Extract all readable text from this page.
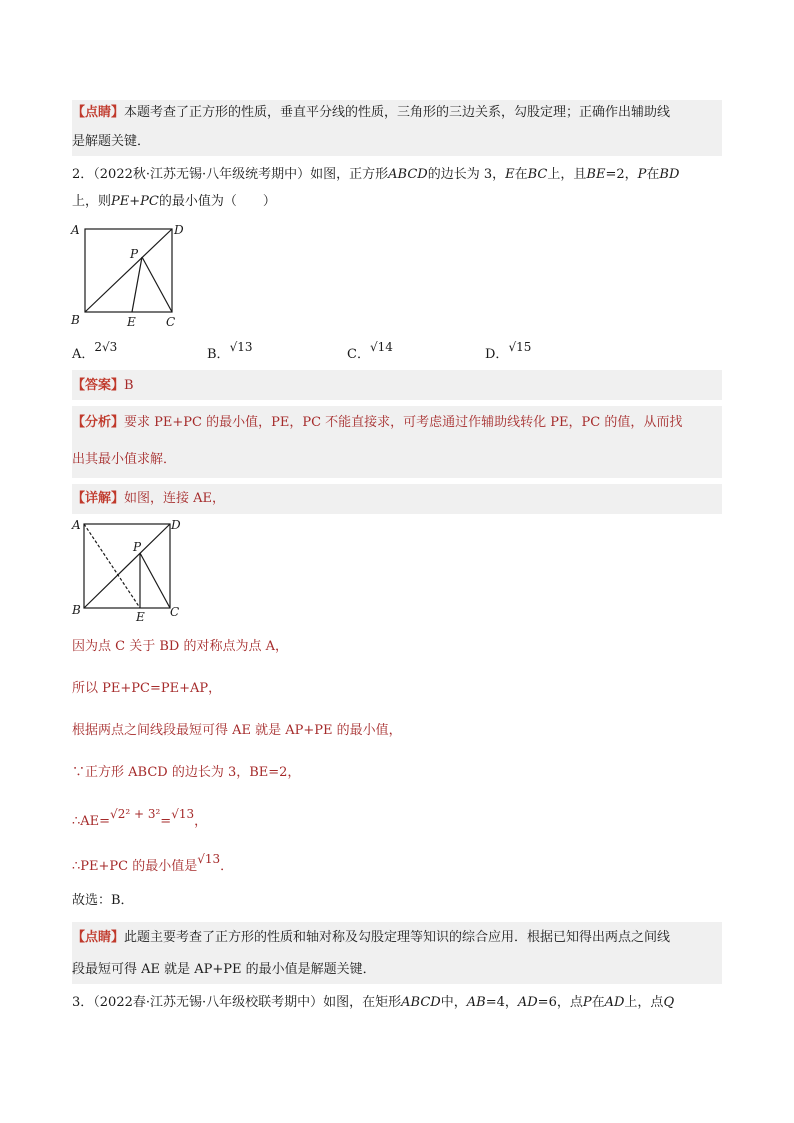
【点睛】本题考查了正方形的性质，垂直平分线的性质，三角形的三边关系，勾股定理；正确作出辅助线
是解题关键．
2．（2022秋·江苏无锡·八年级统考期中）如图，正方形ABCD的边长为 3，E在BC上，且BE=2，P在BD
上，则PE+PC的最小值为（　　）
A	D
B	C
E
P
A．2√3	B．√13	C．√14	D．√15
【答案】B
【分析】要求 PE+PC 的最小值，PE，PC 不能直接求，可考虑通过作辅助线转化 PE，PC 的值，从而找
出其最小值求解．
【详解】如图，连接 AE，
A	D
B	C
E
P
因为点 C 关于 BD 的对称点为点 A，
所以 PE+PC=PE+AP，
根据两点之间线段最短可得 AE 就是 AP+PE 的最小值，
∵正方形 ABCD 的边长为 3，BE=2，
∴AE=√2² + 3²=√13，
∴PE+PC 的最小值是√13．
故选：B．
【点睛】此题主要考查了正方形的性质和轴对称及勾股定理等知识的综合应用．根据已知得出两点之间线
段最短可得 AE 就是 AP+PE 的最小值是解题关键．
3．（2022春·江苏无锡·八年级校联考期中）如图，在矩形ABCD中，AB=4，AD=6，点P在AD上，点Q
